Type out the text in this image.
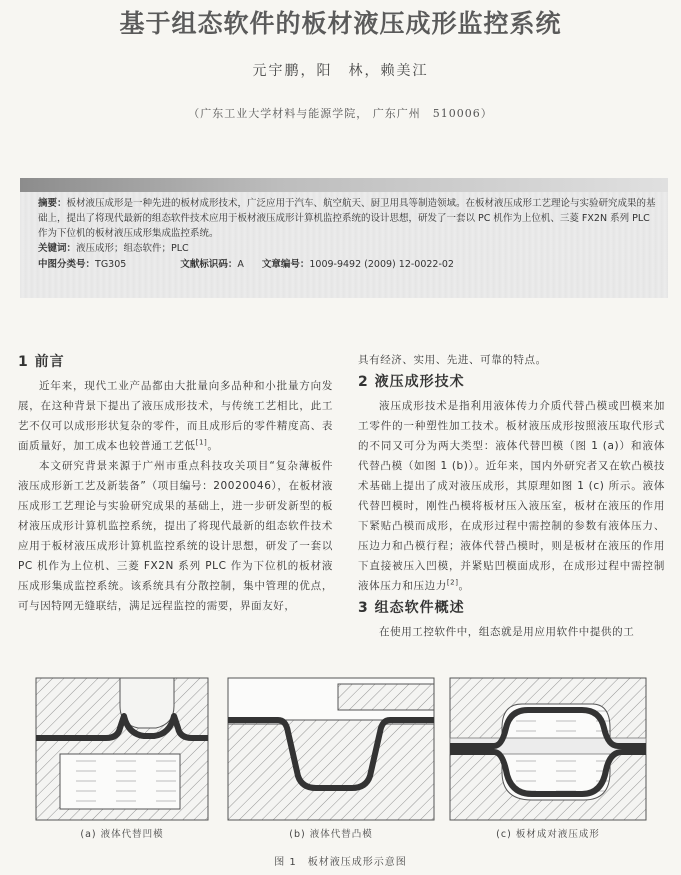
基于组态软件的板材液压成形监控系统
元宇鹏，阳　林，赖美江
（广东工业大学材料与能源学院， 广东广州　510006）
摘要：板材液压成形是一种先进的板材成形技术，广泛应用于汽车、航空航天、厨卫用具等制造领域。在板材液压成形工艺理论与实验研究成果的基础上，提出了将现代最新的组态软件技术应用于板材液压成形计算机监控系统的设计思想，研发了一套以 PC 机作为上位机、三菱 FX2N 系列 PLC 作为下位机的板材液压成形集成监控系统。
关键词：液压成形；组态软件；PLC
中图分类号：TG305	文献标识码：A 文章编号：1009-9492 (2009) 12-0022-02
1 前言

近年来，现代工业产品都由大批量向多品种和小批量方向发展，在这种背景下提出了液压成形技术，与传统工艺相比，此工艺不仅可以成形形状复杂的零件，而且成形后的零件精度高、表面质量好，加工成本也较普通工艺低[1]。

本文研究背景来源于广州市重点科技攻关项目“复杂薄板件液压成形新工艺及新装备”（项目编号：20020046），在板材液压成形工艺理论与实验研究成果的基础上，进一步研发新型的板材液压成形计算机监控系统，提出了将现代最新的组态软件技术应用于板材液压成形计算机监控系统的设计思想，研发了一套以 PC 机作为上位机、三菱 FX2N 系列 PLC 作为下位机的板材液压成形集成监控系统。该系统具有分散控制，集中管理的优点，可与因特网无缝联结，满足远程监控的需要，界面友好，

具有经济、实用、先进、可靠的特点。

2 液压成形技术

液压成形技术是指利用液体传力介质代替凸模或凹模来加工零件的一种塑性加工技术。板材液压成形按照液压取代形式的不同又可分为两大类型：液体代替凹模（图 1 (a)）和液体代替凸模（如图 1 (b)）。近年来，国内外研究者又在软凸模技术基础上提出了成对液压成形，其原理如图 1 (c) 所示。液体代替凹模时，刚性凸模将板材压入液压室，板材在液压的作用下紧贴凸模而成形，在成形过程中需控制的参数有液体压力、压边力和凸模行程；液体代替凸模时，则是板材在液压的作用下直接被压入凹模，并紧贴凹模面成形，在成形过程中需控制液体压力和压边力[2]。

3 组态软件概述

在使用工控软件中，组态就是用应用软件中提供的工

(a) 液体代替凹模	(b) 液体代替凸模	(c) 板材成对液压成形
图 1　板材液压成形示意图
